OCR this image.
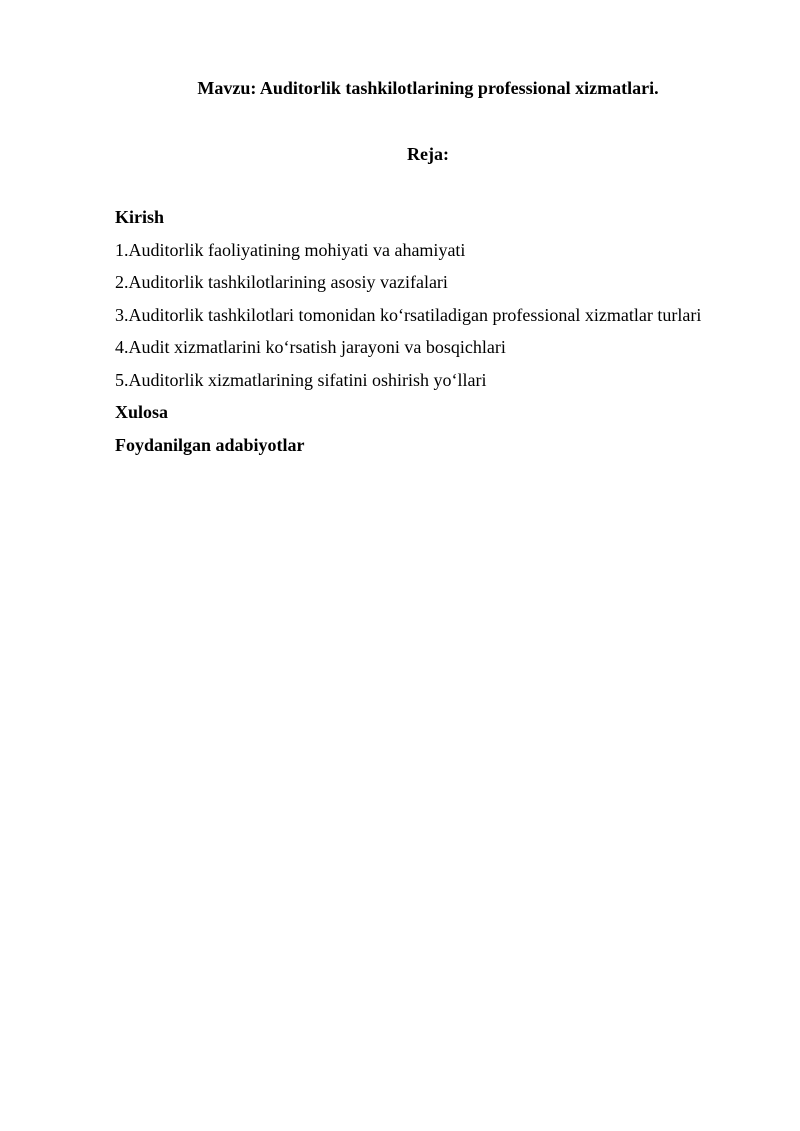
Mavzu: Auditorlik tashkilotlarining professional xizmatlari.
Reja:
Kirish
1.Auditorlik faoliyatining mohiyati va ahamiyati
2.Auditorlik tashkilotlarining asosiy vazifalari
3.Auditorlik tashkilotlari tomonidan ko‘rsatiladigan professional xizmatlar turlari
4.Audit xizmatlarini ko‘rsatish jarayoni va bosqichlari
5.Auditorlik xizmatlarining sifatini oshirish yo‘llari
Xulosa
Foydanilgan adabiyotlar
